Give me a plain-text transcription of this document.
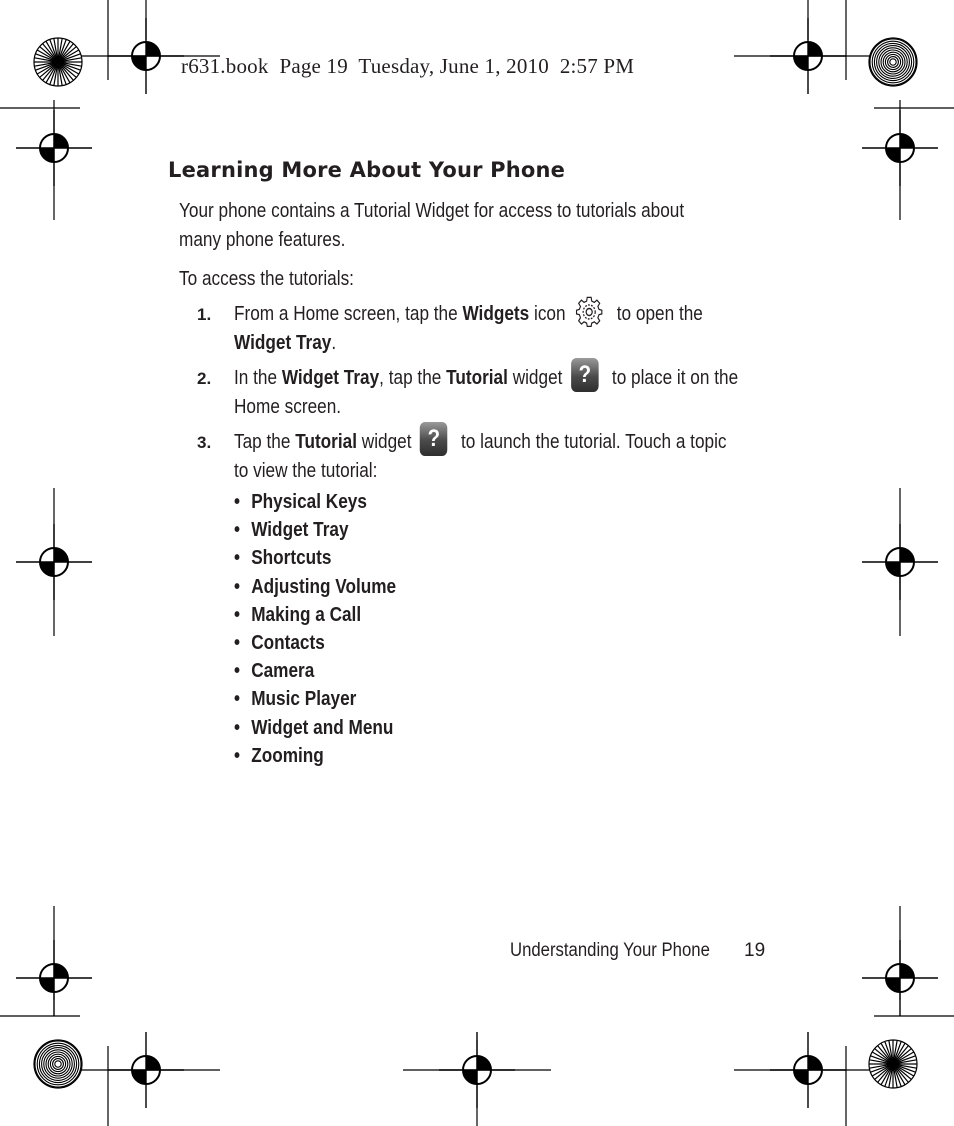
r631.book  Page 19  Tuesday, June 1, 2010  2:57 PM
Learning More About Your Phone
Your phone contains a Tutorial Widget for access to tutorials about
many phone features.
To access the tutorials:
1. From a Home screen, tap the Widgets icon to open the
Widget Tray.
2. In the Widget Tray, tap the Tutorial widget ? to place it on the
Home screen.
3. Tap the Tutorial widget ? to launch the tutorial. Touch a topic
to view the tutorial:
• Physical Keys
• Widget Tray
• Shortcuts
• Adjusting Volume
• Making a Call
• Contacts
• Camera
• Music Player
• Widget and Menu
• Zooming
Understanding Your Phone 19
